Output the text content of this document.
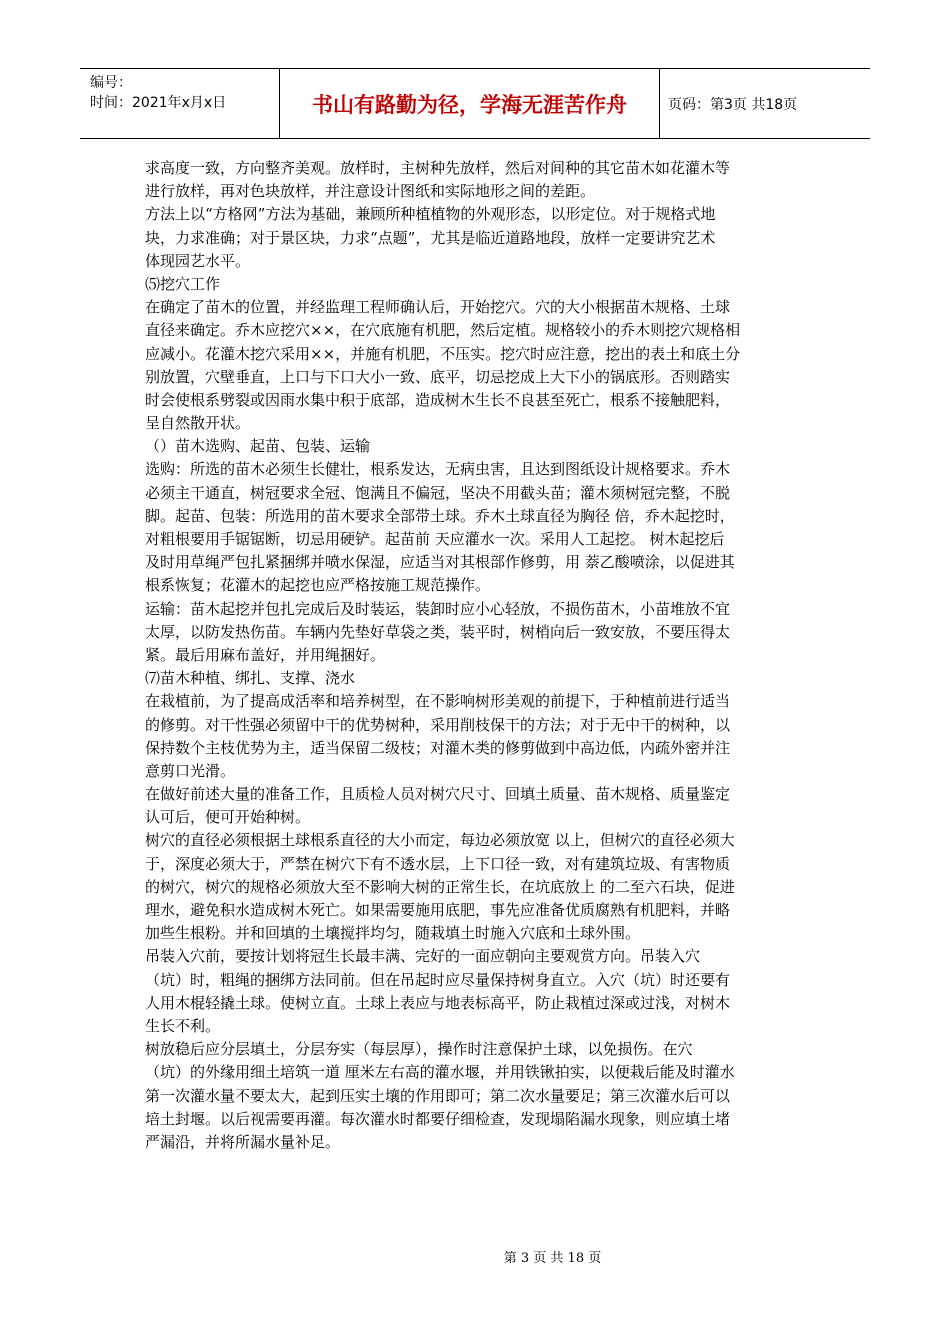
编号：
时间：2021年x月x日	书山有路勤为径，学海无涯苦作舟	页码：第3页 共18页
求高度一致，方向整齐美观。放样时，主树种先放样，然后对间种的其它苗木如花灌木等
进行放样，再对色块放样，并注意设计图纸和实际地形之间的差距。
方法上以“方格网”方法为基础，兼顾所种植植物的外观形态，以形定位。对于规格式地
块，力求准确；对于景区块，力求“点题”，尤其是临近道路地段，放样一定要讲究艺术
体现园艺水平。
⑸挖穴工作
在确定了苗木的位置，并经监理工程师确认后，开始挖穴。穴的大小根据苗木规格、土球
直径来确定。乔木应挖穴××，在穴底施有机肥，然后定植。规格较小的乔木则挖穴规格相
应减小。花灌木挖穴采用××，并施有机肥，不压实。挖穴时应注意，挖出的表土和底土分
别放置，穴壁垂直，上口与下口大小一致、底平，切忌挖成上大下小的锅底形。否则踏实
时会使根系劈裂或因雨水集中积于底部，造成树木生长不良甚至死亡，根系不接触肥料，
呈自然散开状。
（）苗木选购、起苗、包装、运输
选购：所选的苗木必须生长健壮，根系发达，无病虫害，且达到图纸设计规格要求。乔木
必须主干通直，树冠要求全冠、饱满且不偏冠，坚决不用截头苗；灌木须树冠完整，不脱
脚。起苗、包装：所选用的苗木要求全部带土球。乔木土球直径为胸径 倍，乔木起挖时，
对粗根要用手锯锯断，切忌用硬铲。起苗前 天应灌水一次。采用人工起挖。 树木起挖后
及时用草绳严包扎紧捆绑并喷水保湿，应适当对其根部作修剪，用 萘乙酸喷涂，以促进其
根系恢复；花灌木的起挖也应严格按施工规范操作。
运输：苗木起挖并包扎完成后及时装运，装卸时应小心轻放，不损伤苗木，小苗堆放不宜
太厚，以防发热伤苗。车辆内先垫好草袋之类，装平时，树梢向后一致安放，不要压得太
紧。最后用麻布盖好，并用绳捆好。
⑺苗木种植、绑扎、支撑、浇水
在栽植前，为了提高成活率和培养树型，在不影响树形美观的前提下，于种植前进行适当
的修剪。对干性强必须留中干的优势树种，采用削枝保干的方法；对于无中干的树种，以
保持数个主枝优势为主，适当保留二级枝；对灌木类的修剪做到中高边低，内疏外密并注
意剪口光滑。
在做好前述大量的准备工作，且质检人员对树穴尺寸、回填土质量、苗木规格、质量鉴定
认可后，便可开始种树。
树穴的直径必须根据土球根系直径的大小而定，每边必须放宽 以上，但树穴的直径必须大
于，深度必须大于，严禁在树穴下有不透水层，上下口径一致，对有建筑垃圾、有害物质
的树穴，树穴的规格必须放大至不影响大树的正常生长，在坑底放上 的二至六石块，促进
理水，避免积水造成树木死亡。如果需要施用底肥，事先应准备优质腐熟有机肥料，并略
加些生根粉。并和回填的土壤搅拌均匀，随栽填土时施入穴底和土球外围。
吊装入穴前，要按计划将冠生长最丰满、完好的一面应朝向主要观赏方向。吊装入穴
（坑）时，粗绳的捆绑方法同前。但在吊起时应尽量保持树身直立。入穴（坑）时还要有
人用木棍轻撬土球。使树立直。土球上表应与地表标高平，防止栽植过深或过浅，对树木
生长不利。
树放稳后应分层填土，分层夯实（每层厚），操作时注意保护土球，以免损伤。在穴
（坑）的外缘用细土培筑一道 厘米左右高的灌水堰，并用铁锹拍实，以便栽后能及时灌水
第一次灌水量不要太大，起到压实土壤的作用即可；第二次水量要足；第三次灌水后可以
培土封堰。以后视需要再灌。每次灌水时都要仔细检查，发现塌陷漏水现象，则应填土堵
严漏沿，并将所漏水量补足。
第 3 页 共 18 页
